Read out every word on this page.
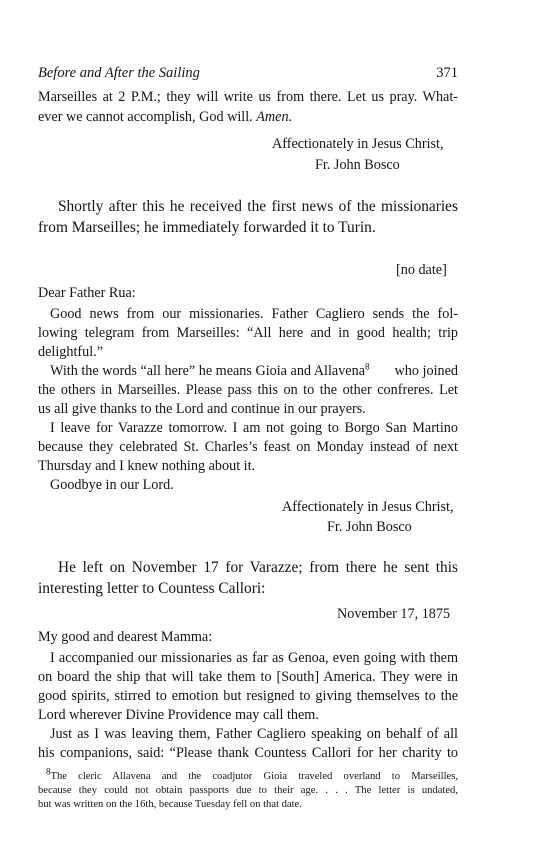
Before and After the Sailing	371
Marseilles at 2 P.M.; they will write us from there. Let us pray. What-
ever we cannot accomplish, God will. Amen.
Affectionately in Jesus Christ,
Fr. John Bosco
Shortly after this he received the first news of the missionaries
from Marseilles; he immediately forwarded it to Turin.
[no date]
Dear Father Rua:
Good news from our missionaries. Father Cagliero sends the fol-
lowing telegram from Marseilles: “All here and in good health; trip
delightful.”
With the words “all here” he means Gioia and Allavena$^8$ who joined
the others in Marseilles. Please pass this on to the other confreres. Let
us all give thanks to the Lord and continue in our prayers.
I leave for Varazze tomorrow. I am not going to Borgo San Martino
because they celebrated St. Charles’s feast on Monday instead of next
Thursday and I knew nothing about it.
Goodbye in our Lord.
Affectionately in Jesus Christ,
Fr. John Bosco
He left on November 17 for Varazze; from there he sent this
interesting letter to Countess Callori:
November 17, 1875
My good and dearest Mamma:
I accompanied our missionaries as far as Genoa, even going with them
on board the ship that will take them to [South] America. They were in
good spirits, stirred to emotion but resigned to giving themselves to the
Lord wherever Divine Providence may call them.
Just as I was leaving them, Father Cagliero speaking on behalf of all
his companions, said: “Please thank Countess Callori for her charity to
$^8$The cleric Allavena and the coadjutor Gioia traveled overland to Marseilles,
because they could not obtain passports due to their age. . . . The letter is undated,
but was written on the 16th, because Tuesday fell on that date.
